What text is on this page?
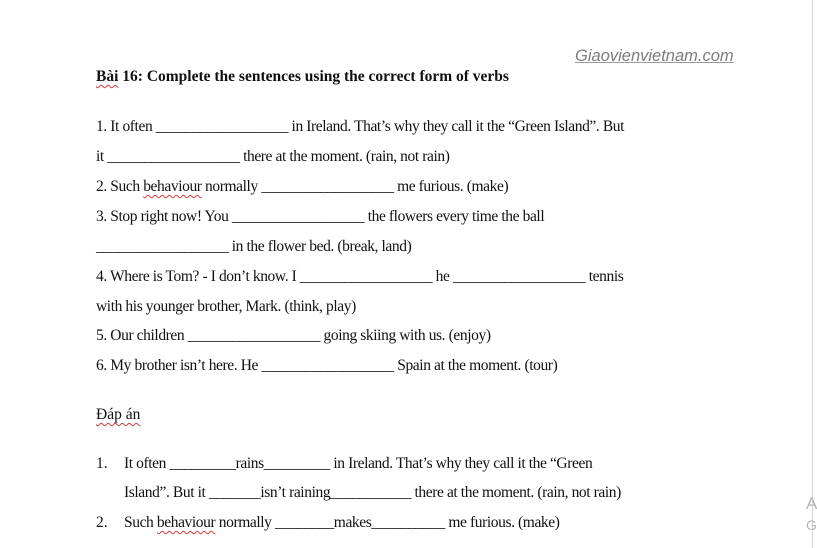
Giaovienvietnam.com
Bài 16: Complete the sentences using the correct form of verbs
1. It often __________________ in Ireland. That’s why they call it the “Green Island”. But
it __________________ there at the moment. (rain, not rain)
2. Such behaviour normally __________________ me furious. (make)
3. Stop right now! You __________________ the flowers every time the ball
__________________ in the flower bed. (break, land)
4. Where is Tom? - I don’t know. I __________________ he __________________ tennis
with his younger brother, Mark. (think, play)
5. Our children __________________ going skiing with us. (enjoy)
6. My brother isn’t here. He __________________ Spain at the moment. (tour)
Đáp án
1. It often _________rains_________ in Ireland. That’s why they call it the “Green
Island”. But it _______isn’t raining___________ there at the moment. (rain, not rain)
2. Such behaviour normally ________makes__________ me furious. (make)
A
G
